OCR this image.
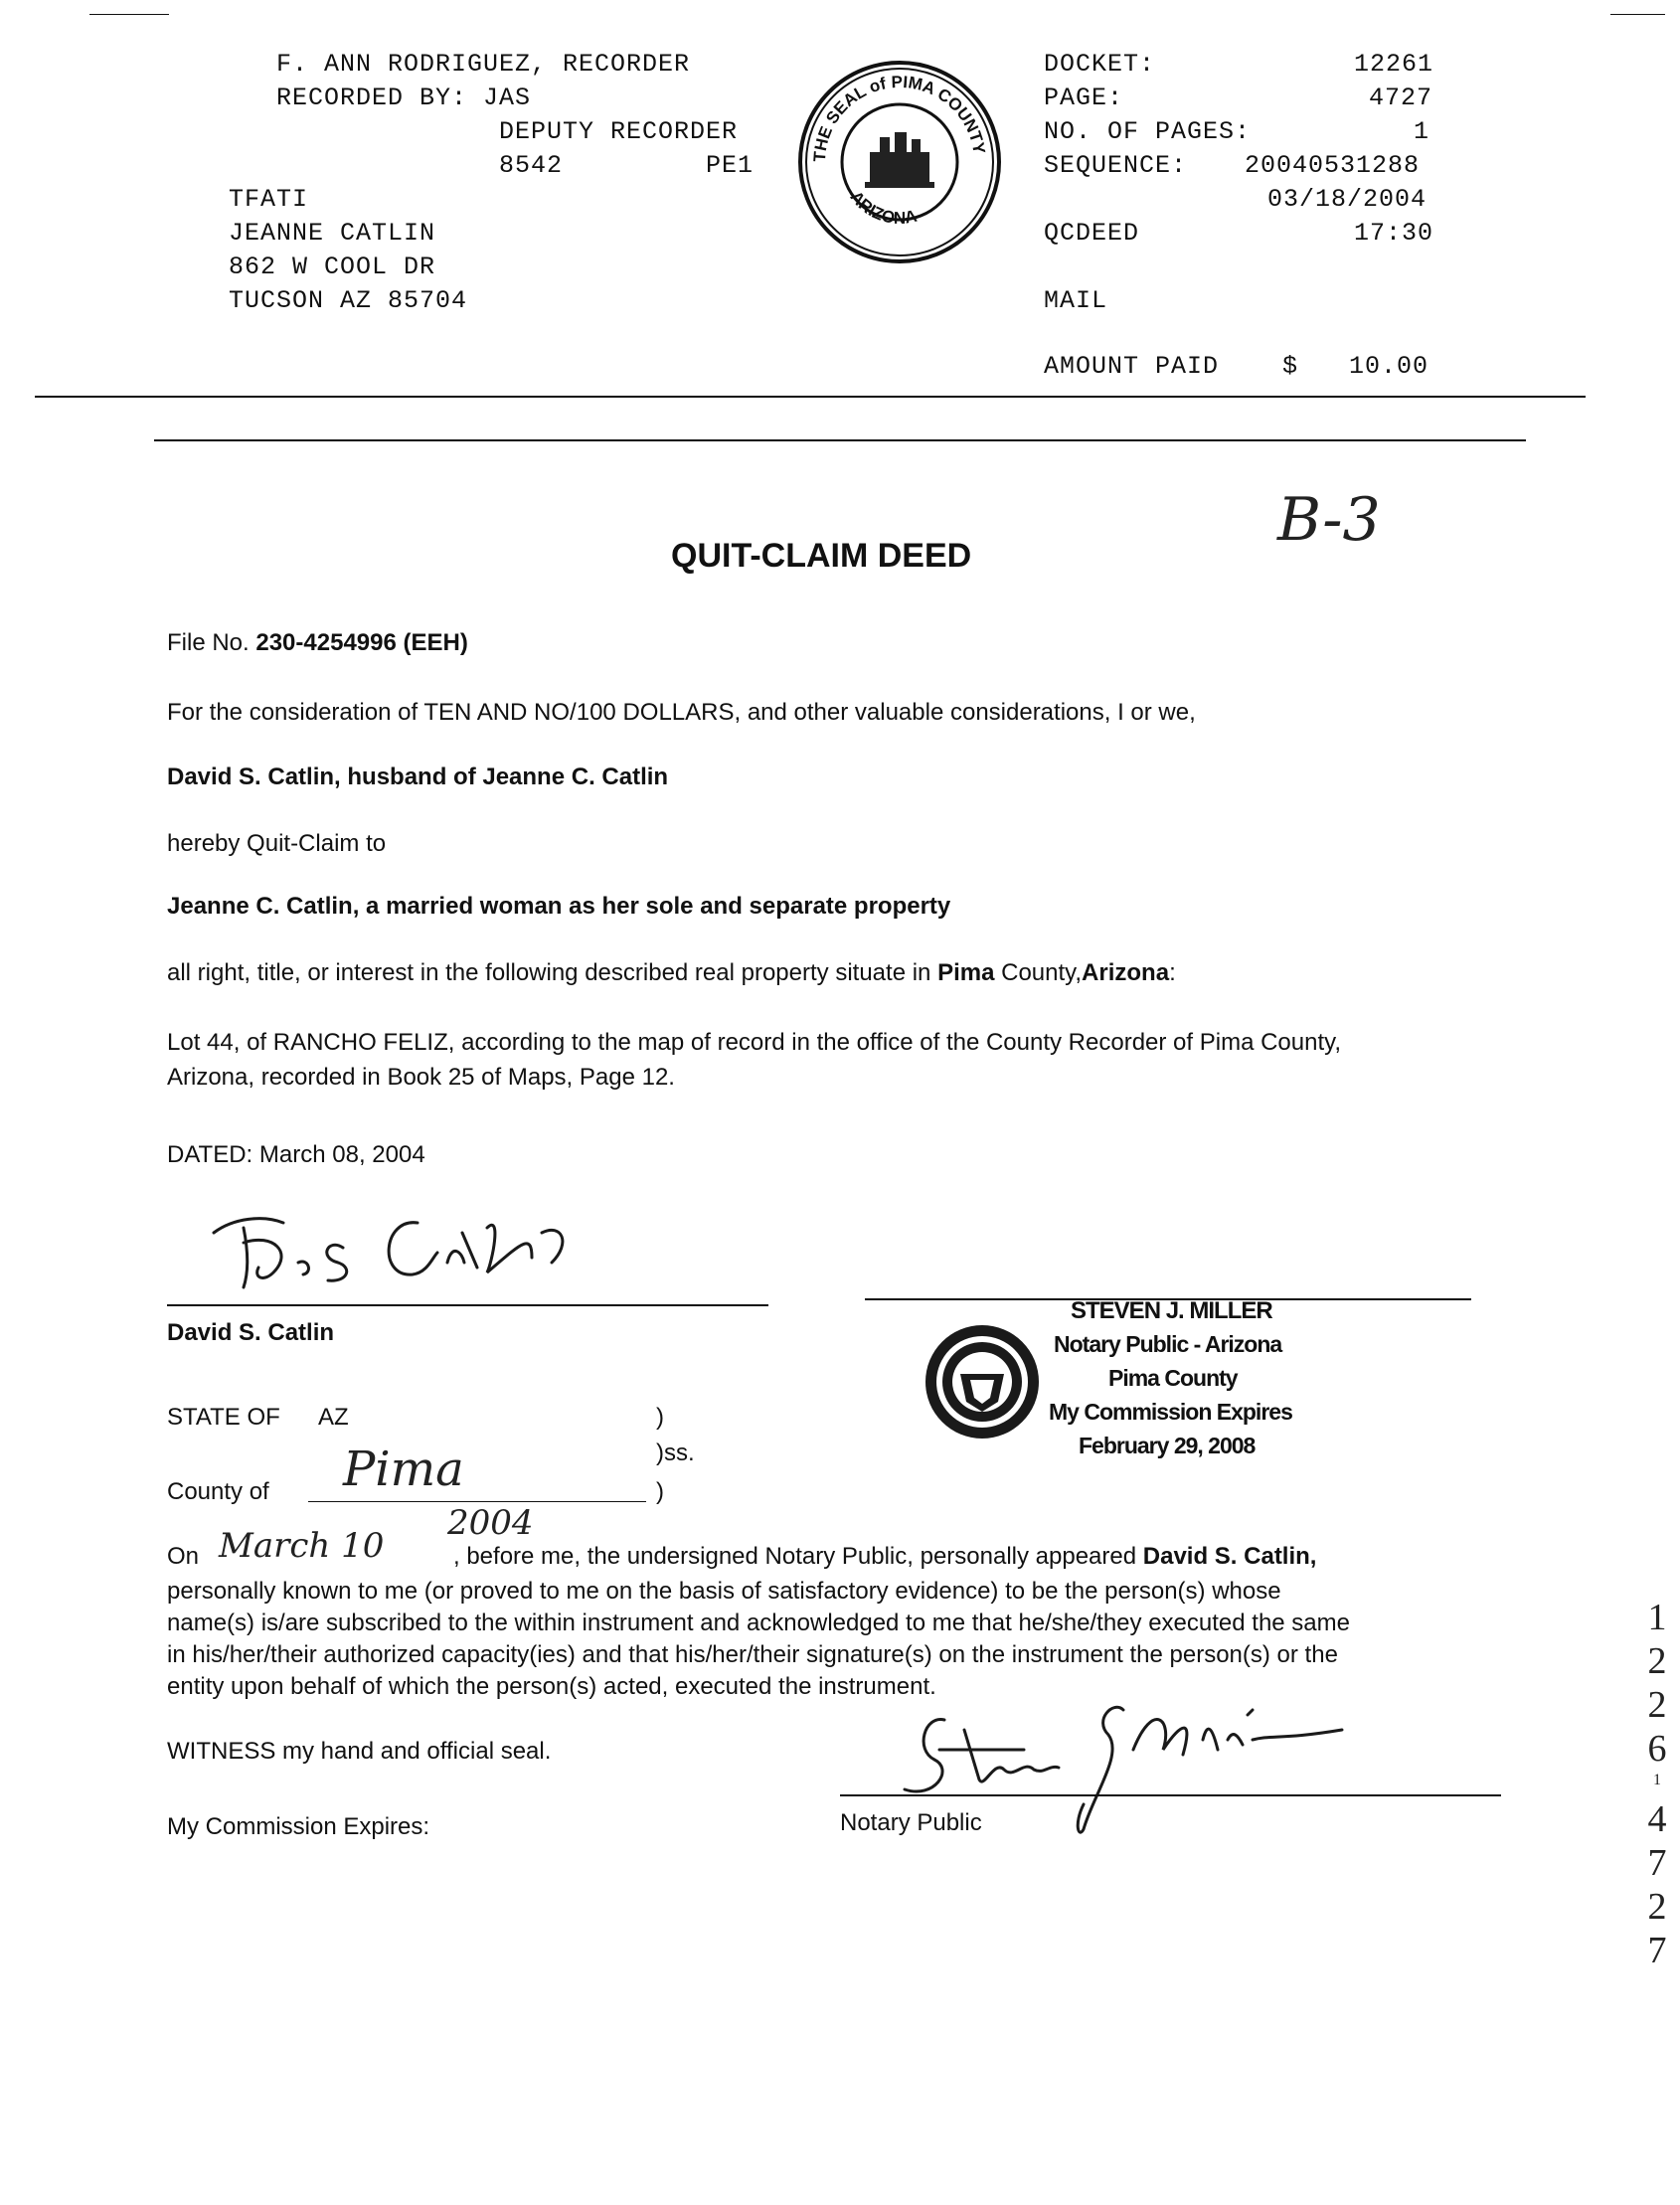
F. ANN RODRIGUEZ, RECORDER
RECORDED BY: JAS
DEPUTY RECORDER
8542	PE1
TFATI
JEANNE CATLIN
862 W COOL DR
TUCSON AZ 85704
THE SEAL of PIMA COUNTY
ARIZONA
DOCKET:	12261
PAGE:	4727
NO. OF PAGES:	1
SEQUENCE: 20040531288
03/18/2004
QCDEED	17:30
MAIL
AMOUNT PAID	$ 10.00
B-3
QUIT-CLAIM DEED
File No. 230-4254996 (EEH)
For the consideration of TEN AND NO/100 DOLLARS, and other valuable considerations, I or we,
David S. Catlin, husband of Jeanne C. Catlin
hereby Quit-Claim to
Jeanne C. Catlin, a married woman as her sole and separate property
all right, title, or interest in the following described real property situate in Pima County,Arizona:
Lot 44, of RANCHO FELIZ, according to the map of record in the office of the County Recorder of Pima County,
Arizona, recorded in Book 25 of Maps, Page 12.
DATED: March 08, 2004
David S. Catlin
STEVEN J. MILLER
Notary Public - Arizona
Pima County
My Commission Expires
February 29, 2008
STATE OF AZ	)
)ss.
County of Pima	)
On March 10
2004
, before me, the undersigned Notary Public, personally appeared David S. Catlin,
personally known to me (or proved to me on the basis of satisfactory evidence) to be the person(s) whose
name(s) is/are subscribed to the within instrument and acknowledged to me that he/she/they executed the same
in his/her/their authorized capacity(ies) and that his/her/their signature(s) on the instrument the person(s) or the
entity upon behalf of which the person(s) acted, executed the instrument.
WITNESS my hand and official seal.
My Commission Expires:	Notary Public
1
2
2
6
1
4
7
2
7
